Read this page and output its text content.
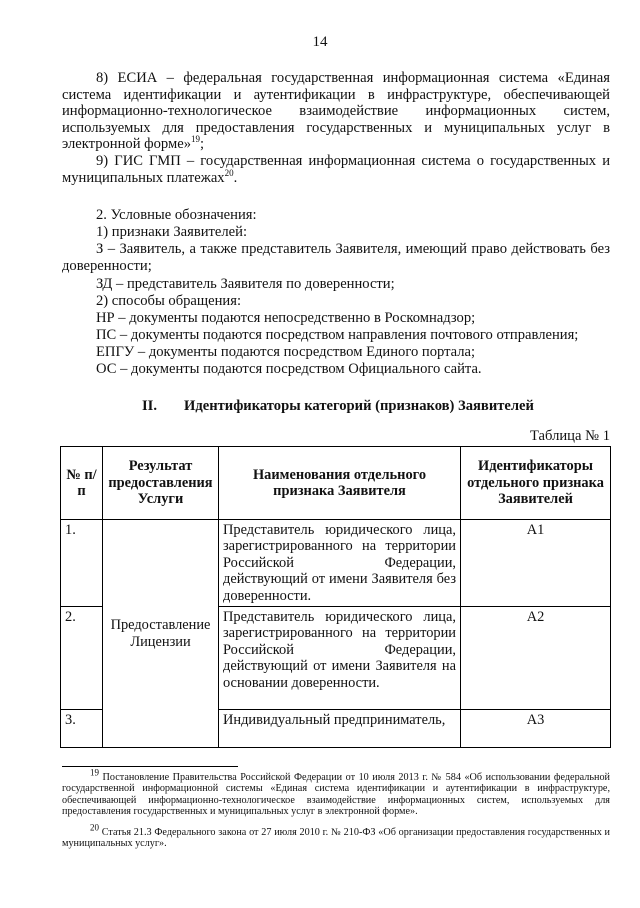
14
8) ЕСИА – федеральная государственная информационная система «Единая система идентификации и аутентификации в инфраструктуре, обеспечивающей информационно-технологическое взаимодействие информационных систем, используемых для предоставления государственных и муниципальных услуг в электронной форме»$^{19}$;
9) ГИС ГМП – государственная информационная система о государственных и муниципальных платежах$^{20}$.
2. Условные обозначения:
1) признаки Заявителей:
З – Заявитель, а также представитель Заявителя, имеющий право действовать без доверенности;
ЗД – представитель Заявителя по доверенности;
2) способы обращения:
НР – документы подаются непосредственно в Роскомнадзор;
ПС – документы подаются посредством направления почтового отправления;
ЕПГУ – документы подаются посредством Единого портала;
ОС – документы подаются посредством Официального сайта.
II. Идентификаторы категорий (признаков) Заявителей
Таблица № 1
№ п/п	Результат предоставления Услуги	Наименования отдельного признака Заявителя	Идентификаторы отдельного признака Заявителей
1.	Предоставление Лицензии	Представитель юридического лица, зарегистрированного на территории Российской Федерации, действующий от имени Заявителя без доверенности.	А1
2.		Представитель юридического лица, зарегистрированного на территории Российской Федерации, действующий от имени Заявителя на основании доверенности.	А2
3.		Индивидуальный предприниматель,	А3
$^{19}$ Постановление Правительства Российской Федерации от 10 июля 2013 г. № 584 «Об использовании федеральной государственной информационной системы «Единая система идентификации и аутентификации в инфраструктуре, обеспечивающей информационно-технологическое взаимодействие информационных систем, используемых для предоставления государственных и муниципальных услуг в электронной форме».
$^{20}$ Статья 21.3 Федерального закона от 27 июля 2010 г. № 210-ФЗ «Об организации предоставления государственных и муниципальных услуг».
